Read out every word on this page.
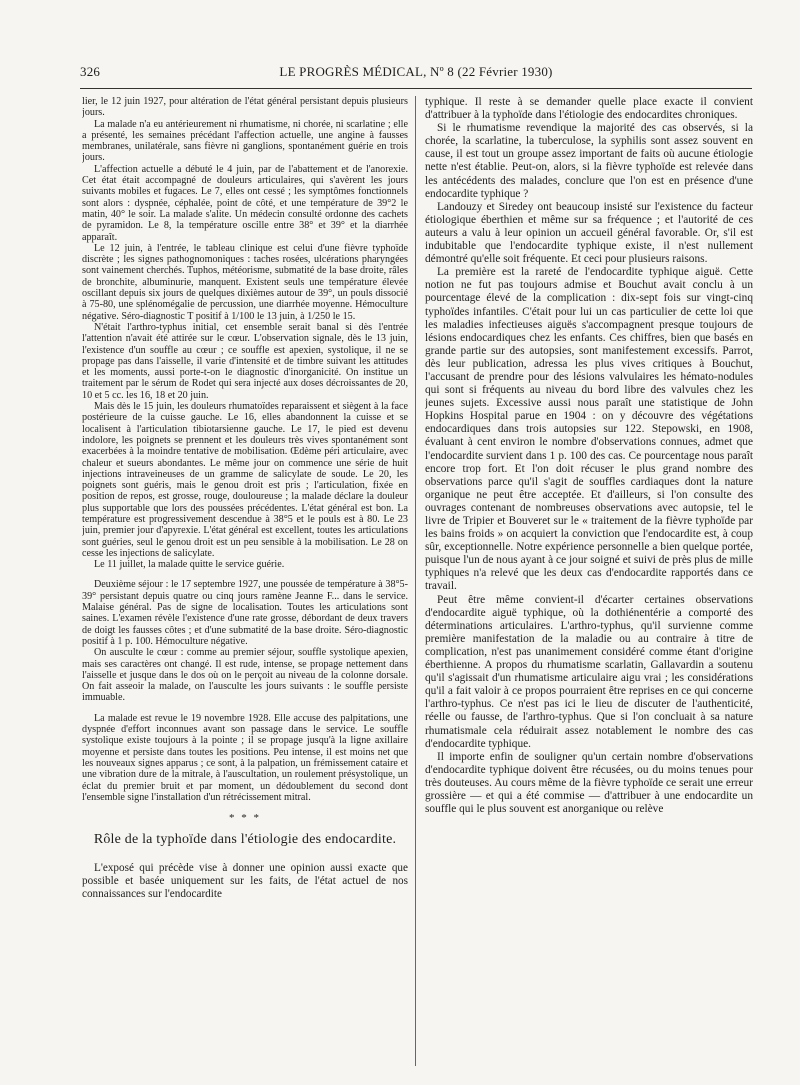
326	LE PROGRÈS MÉDICAL, Nº 8 (22 Février 1930)

lier, le 12 juin 1927, pour altération de l'état général persistant depuis plusieurs jours.

La malade n'a eu antérieurement ni rhumatisme, ni chorée, ni scarlatine ; elle a présenté, les semaines précédant l'affection actuelle, une angine à fausses membranes, unilatérale, sans fièvre ni ganglions, spontanément guérie en trois jours.

L'affection actuelle a débuté le 4 juin, par de l'abattement et de l'anorexie. Cet état était accompagné de douleurs articulaires, qui s'avèrent les jours suivants mobiles et fugaces. Le 7, elles ont cessé ; les symptômes fonctionnels sont alors : dyspnée, céphalée, point de côté, et une température de 39°2 le matin, 40° le soir. La malade s'alite. Un médecin consulté ordonne des cachets de pyramidon. Le 8, la température oscille entre 38° et 39° et la diarrhée apparaît.

Le 12 juin, à l'entrée, le tableau clinique est celui d'une fièvre typhoïde discrète ; les signes pathognomoniques : taches rosées, ulcérations pharyngées sont vainement cherchés. Tuphos, météorisme, submatité de la base droite, râles de bronchite, albuminurie, manquent. Existent seuls une température élevée oscillant depuis six jours de quelques dixièmes autour de 39°, un pouls dissocié à 75-80, une splénomégalie de percussion, une diarrhée moyenne. Hémoculture négative. Séro-diagnostic T positif à 1/100 le 13 juin, à 1/250 le 15.

N'était l'arthro-typhus initial, cet ensemble serait banal si dès l'entrée l'attention n'avait été attirée sur le cœur. L'observation signale, dès le 13 juin, l'existence d'un souffle au cœur ; ce souffle est apexien, systolique, il ne se propage pas dans l'aisselle, il varie d'intensité et de timbre suivant les attitudes et les moments, aussi porte-t-on le diagnostic d'inorganicité. On institue un traitement par le sérum de Rodet qui sera injecté aux doses décroissantes de 20, 10 et 5 cc. les 16, 18 et 20 juin.

Mais dès le 15 juin, les douleurs rhumatoïdes reparaissent et siègent à la face postérieure de la cuisse gauche. Le 16, elles abandonnent la cuisse et se localisent à l'articulation tibiotarsienne gauche. Le 17, le pied est devenu indolore, les poignets se prennent et les douleurs très vives spontanément sont exacerbées à la moindre tentative de mobilisation. Œdème péri articulaire, avec chaleur et sueurs abondantes. Le même jour on commence une série de huit injections intraveineuses de un gramme de salicylate de soude. Le 20, les poignets sont guéris, mais le genou droit est pris ; l'articulation, fixée en position de repos, est grosse, rouge, douloureuse ; la malade déclare la douleur plus supportable que lors des poussées précédentes. L'état général est bon. La température est progressivement descendue à 38°5 et le pouls est à 80. Le 23 juin, premier jour d'apyrexie. L'état général est excellent, toutes les articulations sont guéries, seul le genou droit est un peu sensible à la mobilisation. Le 28 on cesse les injections de salicylate.

Le 11 juillet, la malade quitte le service guérie.

Deuxième séjour : le 17 septembre 1927, une poussée de température à 38°5-39° persistant depuis quatre ou cinq jours ramène Jeanne F... dans le service. Malaise général. Pas de signe de localisation. Toutes les articulations sont saines. L'examen révèle l'existence d'une rate grosse, débordant de deux travers de doigt les fausses côtes ; et d'une submatité de la base droite. Séro-diagnostic positif à 1 p. 100. Hémoculture négative.

On ausculte le cœur : comme au premier séjour, souffle systolique apexien, mais ses caractères ont changé. Il est rude, intense, se propage nettement dans l'aisselle et jusque dans le dos où on le perçoit au niveau de la colonne dorsale. On fait asseoir la malade, on l'ausculte les jours suivants : le souffle persiste immuable.

La malade est revue le 19 novembre 1928. Elle accuse des palpitations, une dyspnée d'effort inconnues avant son passage dans le service. Le souffle systolique existe toujours à la pointe ; il se propage jusqu'à la ligne axillaire moyenne et persiste dans toutes les positions. Peu intense, il est moins net que les nouveaux signes apparus ; ce sont, à la palpation, un frémissement cataire et une vibration dure de la mitrale, à l'auscultation, un roulement présystolique, un éclat du premier bruit et par moment, un dédoublement du second dont l'ensemble signe l'installation d'un rétrécissement mitral.

* * *
Rôle de la typhoïde dans l'étiologie des endocardite.

L'exposé qui précède vise à donner une opinion aussi exacte que possible et basée uniquement sur les faits, de l'état actuel de nos connaissances sur l'endocardite

typhique. Il reste à se demander quelle place exacte il convient d'attribuer à la typhoïde dans l'étiologie des endocardites chroniques.

Si le rhumatisme revendique la majorité des cas observés, si la chorée, la scarlatine, la tuberculose, la syphilis sont assez souvent en cause, il est tout un groupe assez important de faits où aucune étiologie nette n'est établie. Peut-on, alors, si la fièvre typhoïde est relevée dans les antécédents des malades, conclure que l'on est en présence d'une endocardite typhique ?

Landouzy et Siredey ont beaucoup insisté sur l'existence du facteur étiologique éberthien et même sur sa fréquence ; et l'autorité de ces auteurs a valu à leur opinion un accueil général favorable. Or, s'il est indubitable que l'endocardite typhique existe, il n'est nullement démontré qu'elle soit fréquente. Et ceci pour plusieurs raisons.

La première est la rareté de l'endocardite typhique aiguë. Cette notion ne fut pas toujours admise et Bouchut avait conclu à un pourcentage élevé de la complication : dix-sept fois sur vingt-cinq typhoïdes infantiles. C'était pour lui un cas particulier de cette loi que les maladies infectieuses aiguës s'accompagnent presque toujours de lésions endocardiques chez les enfants. Ces chiffres, bien que basés en grande partie sur des autopsies, sont manifestement excessifs. Parrot, dès leur publication, adressa les plus vives critiques à Bouchut, l'accusant de prendre pour des lésions valvulaires les hémato-nodules qui sont si fréquents au niveau du bord libre des valvules chez les jeunes sujets. Excessive aussi nous paraît une statistique de John Hopkins Hospital parue en 1904 : on y découvre des végétations endocardiques dans trois autopsies sur 122. Stepowski, en 1908, évaluant à cent environ le nombre d'observations connues, admet que l'endocardite survient dans 1 p. 100 des cas. Ce pourcentage nous paraît encore trop fort. Et l'on doit récuser le plus grand nombre des observations parce qu'il s'agit de souffles cardiaques dont la nature organique ne peut être acceptée. Et d'ailleurs, si l'on consulte des ouvrages contenant de nombreuses observations avec autopsie, tel le livre de Tripier et Bouveret sur le « traitement de la fièvre typhoïde par les bains froids » on acquiert la conviction que l'endocardite est, à coup sûr, exceptionnelle. Notre expérience personnelle a bien quelque portée, puisque l'un de nous ayant à ce jour soigné et suivi de près plus de mille typhiques n'a relevé que les deux cas d'endocardite rapportés dans ce travail.

Peut être même convient-il d'écarter certaines observations d'endocardite aiguë typhique, où la dothiénentérie a comporté des déterminations articulaires. L'arthro-typhus, qu'il survienne comme première manifestation de la maladie ou au contraire à titre de complication, n'est pas unanimement considéré comme étant d'origine éberthienne. A propos du rhumatisme scarlatin, Gallavardin a soutenu qu'il s'agissait d'un rhumatisme articulaire aigu vrai ; les considérations qu'il a fait valoir à ce propos pourraient être reprises en ce qui concerne l'arthro-typhus. Ce n'est pas ici le lieu de discuter de l'authenticité, réelle ou fausse, de l'arthro-typhus. Que si l'on concluait à sa nature rhumatismale cela réduirait assez notablement le nombre des cas d'endocardite typhique.

Il importe enfin de souligner qu'un certain nombre d'observations d'endocardite typhique doivent être récusées, ou du moins tenues pour très douteuses. Au cours même de la fièvre typhoïde ce serait une erreur grossière — et qui a été commise — d'attribuer à une endocardite un souffle qui le plus souvent est anorganique ou relève
